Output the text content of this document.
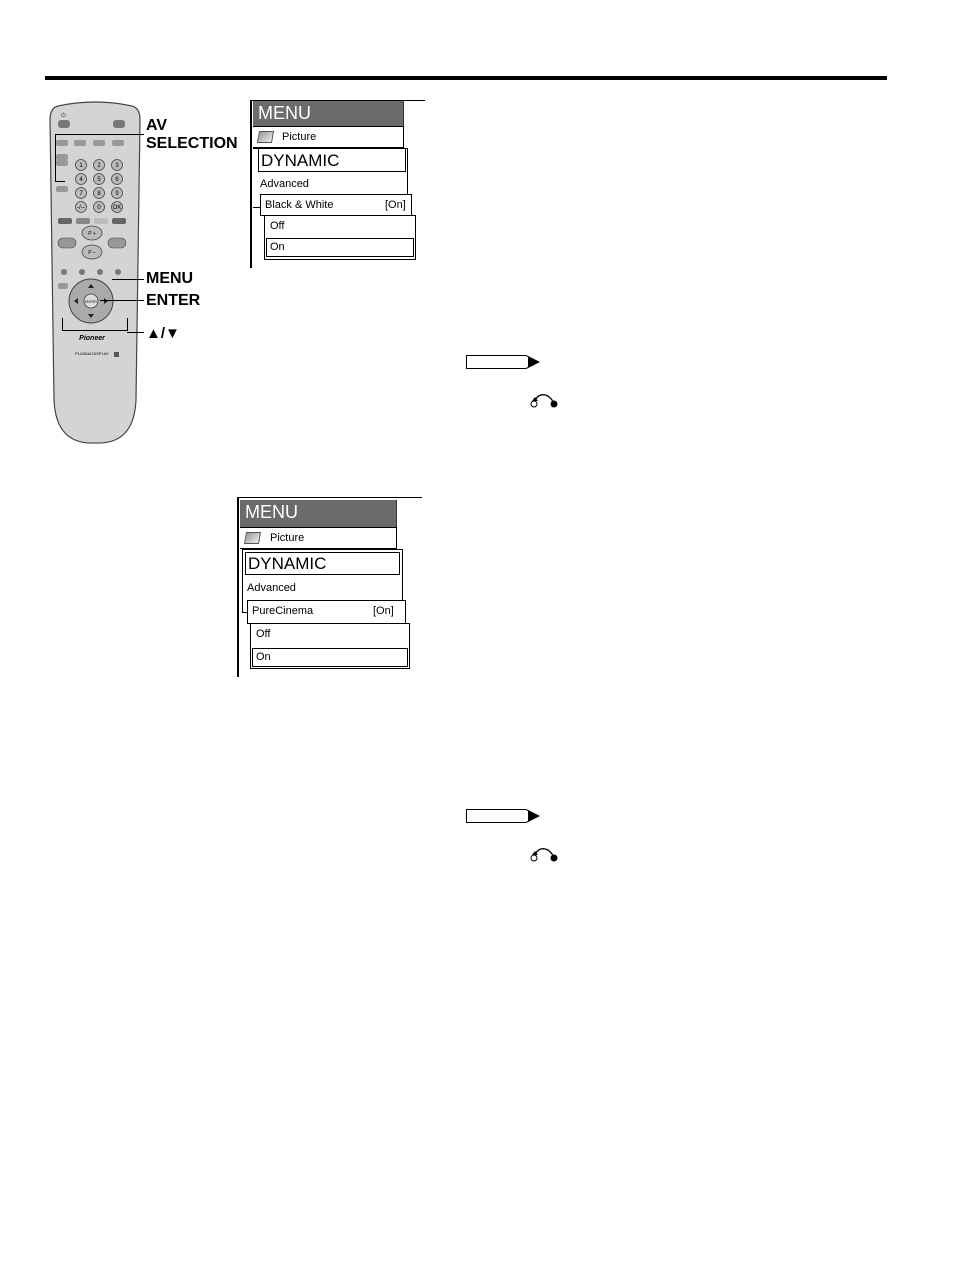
⏻
1 2 3
4 5 6
7 8 9
-/-- 0 OK
P +
P –
ENTER
Pioneer
PLASMA DISPLAY
AV
SELECTION
MENU
ENTER
▲/▼
MENU
Picture
DYNAMIC
Advanced
Black & White	[On]
Off
On
MENU
Picture
DYNAMIC
Advanced
PureCinema	[On]
Off
On
